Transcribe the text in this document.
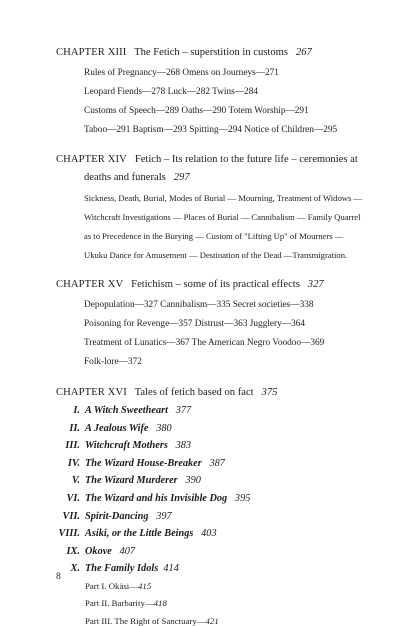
CHAPTER XIII The Fetich – superstition in customs 267
Rules of Pregnancy—268 Omens on Journeys—271
Leopard Fiends—278 Luck—282 Twins—284
Customs of Speech—289 Oaths—290 Totem Worship—291
Taboo—291 Baptism—293 Spitting—294 Notice of Children—295
CHAPTER XIV Fetich – Its relation to the future life – ceremonies at
deaths and funerals 297
Sickness, Death, Burial, Modes of Burial — Mourning, Treatment of Widows —
Witchcraft Investigations — Places of Burial — Cannibalism — Family Quarrel
as to Precedence in the Burying — Custom of "Lifting Up" of Mourners —
Ukuku Dance for Amusement — Destination of the Dead —Transmigration.
CHAPTER XV Fetichism – some of its practical effects 327
Depopulation—327 Cannibalism—335 Secret societies—338
Poisoning for Revenge—357 Distrust—363 Jugglery—364
Treatment of Lunatics—367 The American Negro Voodoo—369
Folk-lore—372
CHAPTER XVI Tales of fetich based on fact 375
I. A Witch Sweetheart 377
II. A Jealous Wife 380
III. Witchcraft Mothers 383
IV. The Wizard House-Breaker 387
V. The Wizard Murderer 390
VI. The Wizard and his Invisible Dog 395
VII. Spirit-Dancing 397
VIII. Asiki, or the Little Beings 403
IX. Okove 407
X. The Family Idols 414
Part I. Okäsi—415
Part II. Barbarity—418
Part III. The Right of Sanctuary—421
8
